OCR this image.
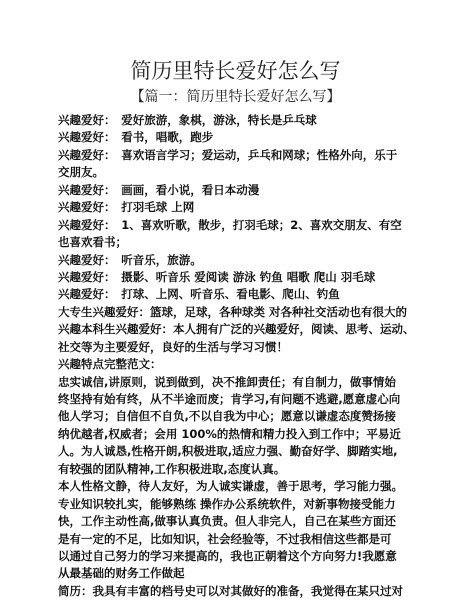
简历里特长爱好怎么写
【篇一：简历里特长爱好怎么写】
兴趣爱好：　爱好旅游，象棋，游泳，特长是乒乓球
兴趣爱好：　看书，唱歌，跑步
兴趣爱好：　喜欢语言学习；爱运动，乒乓和网球；性格外向，乐于
交朋友。
兴趣爱好：　画画，看小说，看日本动漫
兴趣爱好：　打羽毛球 上网
兴趣爱好：　1、喜欢听歌，散步，打羽毛球；2、喜欢交朋友、有空
也喜欢看书；
兴趣爱好：　听音乐，旅游。
兴趣爱好：　摄影、听音乐 爱阅读 游泳 钓鱼 唱歌 爬山 羽毛球
兴趣爱好：　打球、上网、听音乐、看电影、爬山、钓鱼
大专生兴趣爱好：篮球，足球，各种球类 对各种社交活动也有很大的
兴趣本科生兴趣爱好：本人拥有广泛的兴趣爱好，阅读、思考、运动、
社交等为主要爱好，良好的生活与学习习惯！
兴趣特点完整范文：
忠实诚信,讲原则，说到做到，决不推卸责任；有自制力，做事情始
终坚持有始有终，从不半途而废；肯学习,有问题不逃避,愿意虚心向
他人学习；自信但不自负,不以自我为中心；愿意以谦虚态度赞扬接
纳优越者,权威者；会用 100%的热情和精力投入到工作中；平易近
人。为人诚恳,性格开朗,积极进取,适应力强、勤奋好学、脚踏实地,
有较强的团队精神,工作积极进取,态度认真。
本人性格文静，待人友好，为人诚实谦虚，善于思考，学习能力强。
专业知识较扎实，能够熟练 操作办公系统软件，对新事物接受能力
快，工作主动性高,做事认真负责。但人非完人，自己在某些方面还
是有一定的不足，比如知识，社会经验等，不过我相信这些都是可
以通过自己努力的学习来提高的，我也正朝着这个方向努力!我愿意
从最基础的财务工作做起
简历：我具有丰富的档号史可以对其做好的准备，我觉得在某只过对
